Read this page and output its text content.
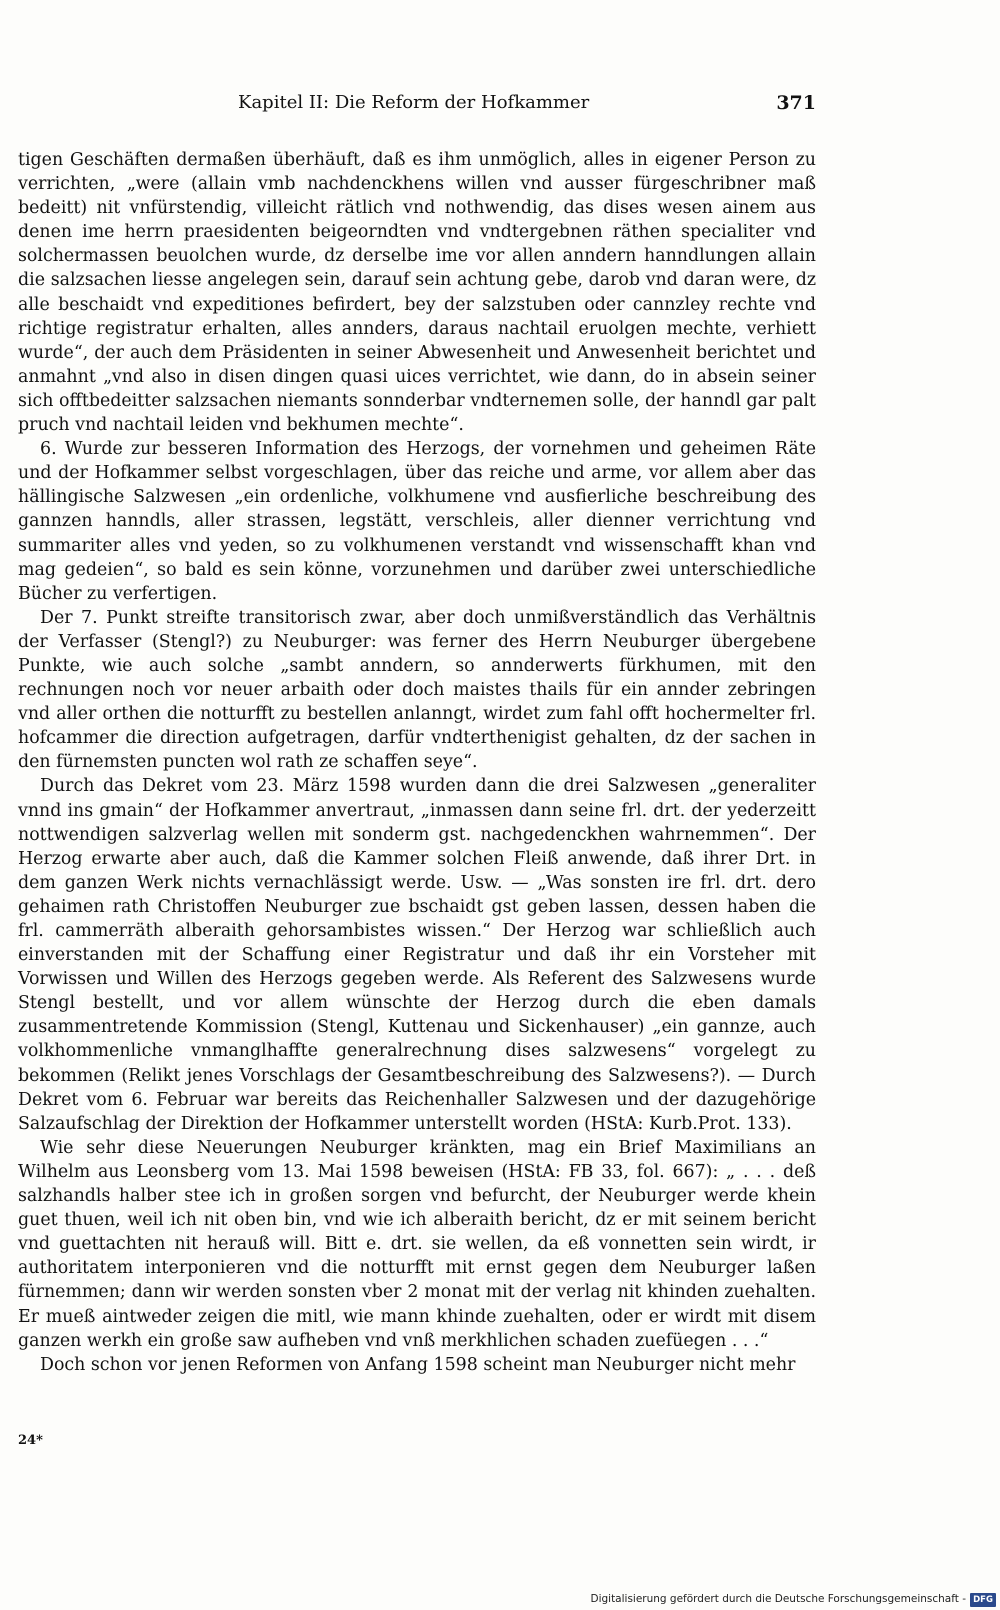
Kapitel II: Die Reform der Hofkammer	371

tigen Geschäften dermaßen überhäuft, daß es ihm unmöglich, alles in eigener Person zu verrichten, „were (allain vmb nachdenckhens willen vnd ausser fürgeschribner maß bedeitt) nit vnfürstendig, villeicht rätlich vnd nothwendig, das dises wesen ainem aus denen ime herrn praesidenten beigeorndten vnd vndtergebnen räthen specialiter vnd solchermassen beuolchen wurde, dz derselbe ime vor allen anndern hanndlungen allain die salzsachen liesse angelegen sein, darauf sein achtung gebe, darob vnd daran were, dz alle beschaidt vnd expeditiones befirdert, bey der salzstuben oder cannzley rechte vnd richtige registratur erhalten, alles annders, daraus nachtail eruolgen mechte, verhiett wurde“, der auch dem Präsidenten in seiner Abwesenheit und Anwesenheit berichtet und anmahnt „vnd also in disen dingen quasi uices verrichtet, wie dann, do in absein seiner sich offtbedeitter salzsachen niemants sonnderbar vndternemen solle, der hanndl gar palt pruch vnd nachtail leiden vnd bekhumen mechte“.

6. Wurde zur besseren Information des Herzogs, der vornehmen und geheimen Räte und der Hofkammer selbst vorgeschlagen, über das reiche und arme, vor allem aber das hällingische Salzwesen „ein ordenliche, volkhumene vnd ausfierliche beschreibung des gannzen hanndls, aller strassen, legstätt, verschleis, aller dienner verrichtung vnd summariter alles vnd yeden, so zu volkhumenen verstandt vnd wissenschafft khan vnd mag gedeien“, so bald es sein könne, vorzunehmen und darüber zwei unterschiedliche Bücher zu verfertigen.

Der 7. Punkt streifte transitorisch zwar, aber doch unmißverständlich das Verhältnis der Verfasser (Stengl?) zu Neuburger: was ferner des Herrn Neuburger übergebene Punkte, wie auch solche „sambt anndern, so annderwerts fürkhumen, mit den rechnungen noch vor neuer arbaith oder doch maistes thails für ein annder zebringen vnd aller orthen die notturfft zu bestellen anlanngt, wirdet zum fahl offt hochermelter frl. hofcammer die direction aufgetragen, darfür vndterthenigist gehalten, dz der sachen in den fürnemsten puncten wol rath ze schaffen seye“.

Durch das Dekret vom 23. März 1598 wurden dann die drei Salzwesen „generaliter vnnd ins gmain“ der Hofkammer anvertraut, „inmassen dann seine frl. drt. der yederzeitt nottwendigen salzverlag wellen mit sonderm gst. nachgedenckhen wahrnemmen“. Der Herzog erwarte aber auch, daß die Kammer solchen Fleiß anwende, daß ihrer Drt. in dem ganzen Werk nichts vernachlässigt werde. Usw. — „Was sonsten ire frl. drt. dero gehaimen rath Christoffen Neuburger zue bschaidt gst geben lassen, dessen haben die frl. cammerräth alberaith gehorsambistes wissen.“ Der Herzog war schließlich auch einverstanden mit der Schaffung einer Registratur und daß ihr ein Vorsteher mit Vorwissen und Willen des Herzogs gegeben werde. Als Referent des Salzwesens wurde Stengl bestellt, und vor allem wünschte der Herzog durch die eben damals zusammentretende Kommission (Stengl, Kuttenau und Sickenhauser) „ein gannze, auch volkhommenliche vnmanglhaffte generalrechnung dises salzwesens“ vorgelegt zu bekommen (Relikt jenes Vorschlags der Gesamtbeschreibung des Salzwesens?). — Durch Dekret vom 6. Februar war bereits das Reichenhaller Salzwesen und der dazugehörige Salzaufschlag der Direktion der Hofkammer unterstellt worden (HStA: Kurb.Prot. 133).

Wie sehr diese Neuerungen Neuburger kränkten, mag ein Brief Maximilians an Wilhelm aus Leonsberg vom 13. Mai 1598 beweisen (HStA: FB 33, fol. 667): „ . . . deß salzhandls halber stee ich in großen sorgen vnd befurcht, der Neuburger werde khein guet thuen, weil ich nit oben bin, vnd wie ich alberaith bericht, dz er mit seinem bericht vnd guettachten nit herauß will. Bitt e. drt. sie wellen, da eß vonnetten sein wirdt, ir authoritatem interponieren vnd die notturfft mit ernst gegen dem Neuburger laßen fürnemmen; dann wir werden sonsten vber 2 monat mit der verlag nit khinden zuehalten. Er mueß aintweder zeigen die mitl, wie mann khinde zuehalten, oder er wirdt mit disem ganzen werkh ein große saw aufheben vnd vnß merkhlichen schaden zuefüegen . . .“

Doch schon vor jenen Reformen von Anfang 1598 scheint man Neuburger nicht mehr

24*
Digitalisierung gefördert durch die Deutsche Forschungsgemeinschaft - DFG
